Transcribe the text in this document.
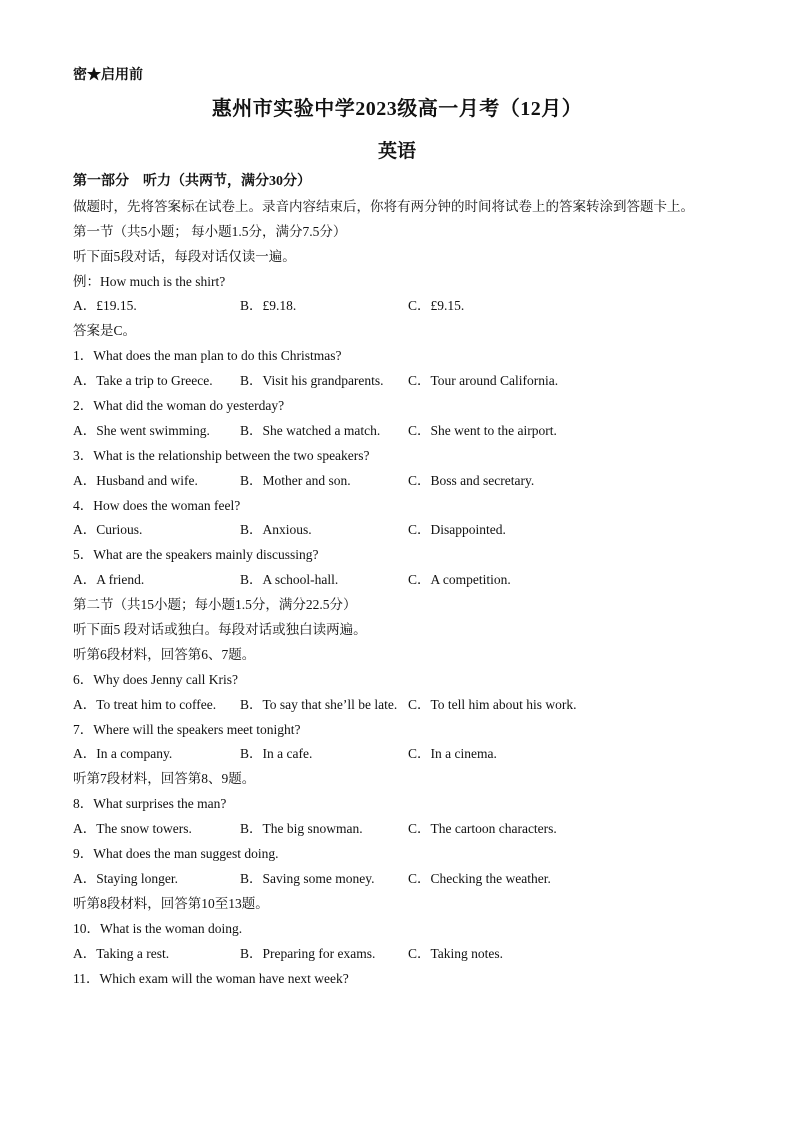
密★启用前
惠州市实验中学2023级高一月考（12月）
英语
第一部分　听力（共两节，满分30分）
做题时，先将答案标在试卷上。录音内容结束后，你将有两分钟的时间将试卷上的答案转涂到答题卡上。
第一节（共5小题； 每小题1.5分，满分7.5分）
听下面5段对话，每段对话仅读一遍。
例：How much is the shirt?
A．£19.15.	B．£9.18.	C．£9.15.
答案是C。
1．What does the man plan to do this Christmas?
A．Take a trip to Greece.	B．Visit his grandparents.	C．Tour around California.
2．What did the woman do yesterday?
A．She went swimming.	B．She watched a match.	C．She went to the airport.
3．What is the relationship between the two speakers?
A．Husband and wife.	B．Mother and son.	C．Boss and secretary.
4．How does the woman feel?
A．Curious.	B．Anxious.	C．Disappointed.
5．What are the speakers mainly discussing?
A．A friend.	B．A school-hall.	C．A competition.
第二节（共15小题；每小题1.5分，满分22.5分）
听下面5 段对话或独白。每段对话或独白读两遍。
听第6段材料，回答第6、7题。
6．Why does Jenny call Kris?
A．To treat him to coffee.	B．To say that she’ll be late. C．To tell him about his work.
7．Where will the speakers meet tonight?
A．In a company.	B．In a cafe.	C．In a cinema.
听第7段材料，回答第8、9题。
8．What surprises the man?
A．The snow towers.	B．The big snowman.	C．The cartoon characters.
9．What does the man suggest doing.
A．Staying longer.	B．Saving some money.	C．Checking the weather.
听第8段材料，回答第10至13题。
10．What is the woman doing.
A．Taking a rest.	B．Preparing for exams.	C．Taking notes.
11．Which exam will the woman have next week?
